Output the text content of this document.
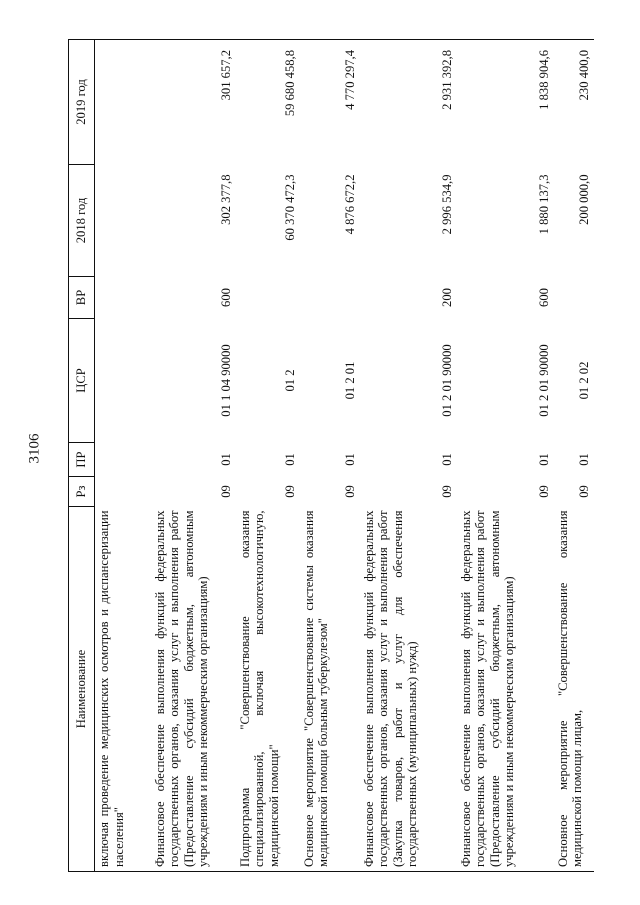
3106
Наименование	Рз	ПР	ЦСР	ВР	2018 год	2019 год
включая проведение медицинских осмотров и диспансеризации населения"						
Финансовое обеспечение выполнения функций федеральных государственных органов, оказания услуг и выполнения работ (Предоставление субсидий бюджетным, автономным учреждениям и иным некоммерческим организациям)	09	01	01 1 04 90000	600	302 377,8	301 657,2
Подпрограмма "Совершенствование оказания специализированной, включая высокотехнологичную, медицинской помощи"	09	01	01 2		60 370 472,3	59 680 458,8
Основное мероприятие "Совершенствование системы оказания медицинской помощи больным туберкулезом"	09	01	01 2 01		4 876 672,2	4 770 297,4
Финансовое обеспечение выполнения функций федеральных государственных органов, оказания услуг и выполнения работ (Закупка товаров, работ и услуг для обеспечения государственных (муниципальных) нужд)	09	01	01 2 01 90000	200	2 996 534,9	2 931 392,8
Финансовое обеспечение выполнения функций федеральных государственных органов, оказания услуг и выполнения работ (Предоставление субсидий бюджетным, автономным учреждениям и иным некоммерческим организациям)	09	01	01 2 01 90000	600	1 880 137,3	1 838 904,6
Основное мероприятие "Совершенствование оказания медицинской помощи лицам,	09	01	01 2 02		200 000,0	230 400,0
